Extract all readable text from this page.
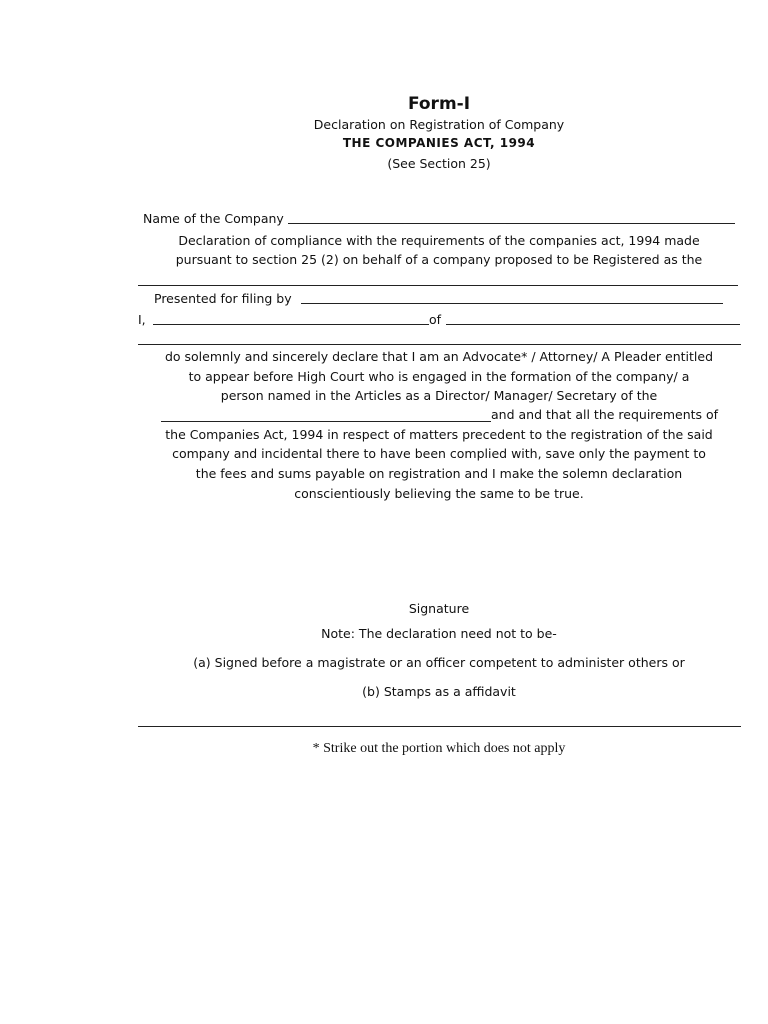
Form-I
Declaration on Registration of Company
THE COMPANIES ACT, 1994
(See Section 25)
Name of the Company
Declaration of compliance with the requirements of the companies act, 1994 made
pursuant to section 25 (2) on behalf of a company proposed to be Registered as the
Presented for filing by
I,	of
do solemnly and sincerely declare that I am an Advocate* / Attorney/ A Pleader entitled
to appear before High Court who is engaged in the formation of the company/ a
person named in the Articles as a Director/ Manager/ Secretary of the
and and that all the requirements of
the Companies Act, 1994 in respect of matters precedent to the registration of the said
company and incidental there to have been complied with, save only the payment to
the fees and sums payable on registration and I make the solemn declaration
conscientiously believing the same to be true.
Signature
Note: The declaration need not to be-
(a) Signed before a magistrate or an officer competent to administer others or
(b) Stamps as a affidavit
* Strike out the portion which does not apply
